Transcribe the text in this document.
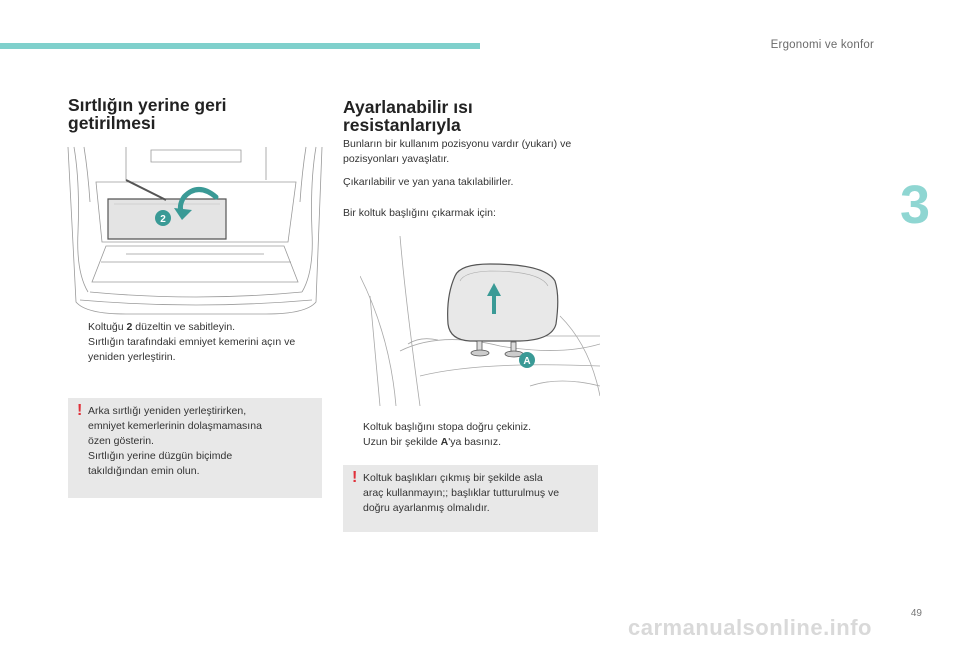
Ergonomi ve konfor
3
Sırtlığın yerine geri
getirilmesi
2
Koltuğu 2 düzeltin ve sabitleyin.
Sırtlığın tarafındaki emniyet kemerini açın ve yeniden yerleştirin.
! Arka sırtlığı yeniden yerleştirirken,
emniyet kemerlerinin dolaşmamasına
özen gösterin.
Sırtlığın yerine düzgün biçimde
takıldığından emin olun.
Ayarlanabilir ısı
resistanlarıyla
Bunların bir kullanım pozisyonu vardır (yukarı) ve pozisyonları yavaşlatır.
Çıkarılabilir ve yan yana takılabilirler.
Bir koltuk başlığını çıkarmak için:
A
Koltuk başlığını stopa doğru çekiniz.
Uzun bir şekilde A'ya basınız.
! Koltuk başlıkları çıkmış bir şekilde asla
araç kullanmayın;; başlıklar tutturulmuş ve
doğru ayarlanmış olmalıdır.
49
carmanualsonline.info
